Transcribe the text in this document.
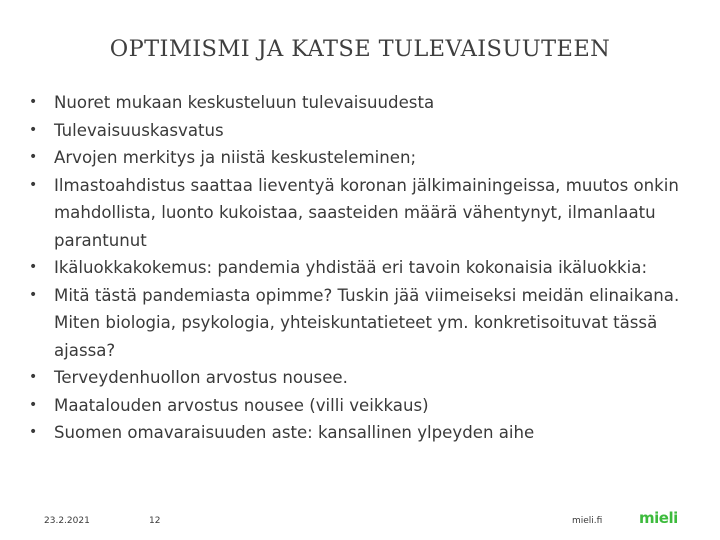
OPTIMISMI JA KATSE TULEVAISUUTEEN
• Nuoret mukaan keskusteluun tulevaisuudesta
• Tulevaisuuskasvatus
• Arvojen merkitys ja niistä keskusteleminen;
• Ilmastoahdistus saattaa lieventyä koronan jälkimainingeissa, muutos onkin mahdollista, luonto kukoistaa, saasteiden määrä vähentynyt, ilmanlaatu parantunut
• Ikäluokkakokemus: pandemia yhdistää eri tavoin kokonaisia ikäluokkia:
• Mitä tästä pandemiasta opimme? Tuskin jää viimeiseksi meidän elinaikana. Miten biologia, psykologia, yhteiskuntatieteet ym. konkretisoituvat tässä ajassa?
• Terveydenhuollon arvostus nousee.
• Maatalouden arvostus nousee (villi veikkaus)
• Suomen omavaraisuuden aste: kansallinen ylpeyden aihe
23.2.2021	12	mieli.fi mieli
